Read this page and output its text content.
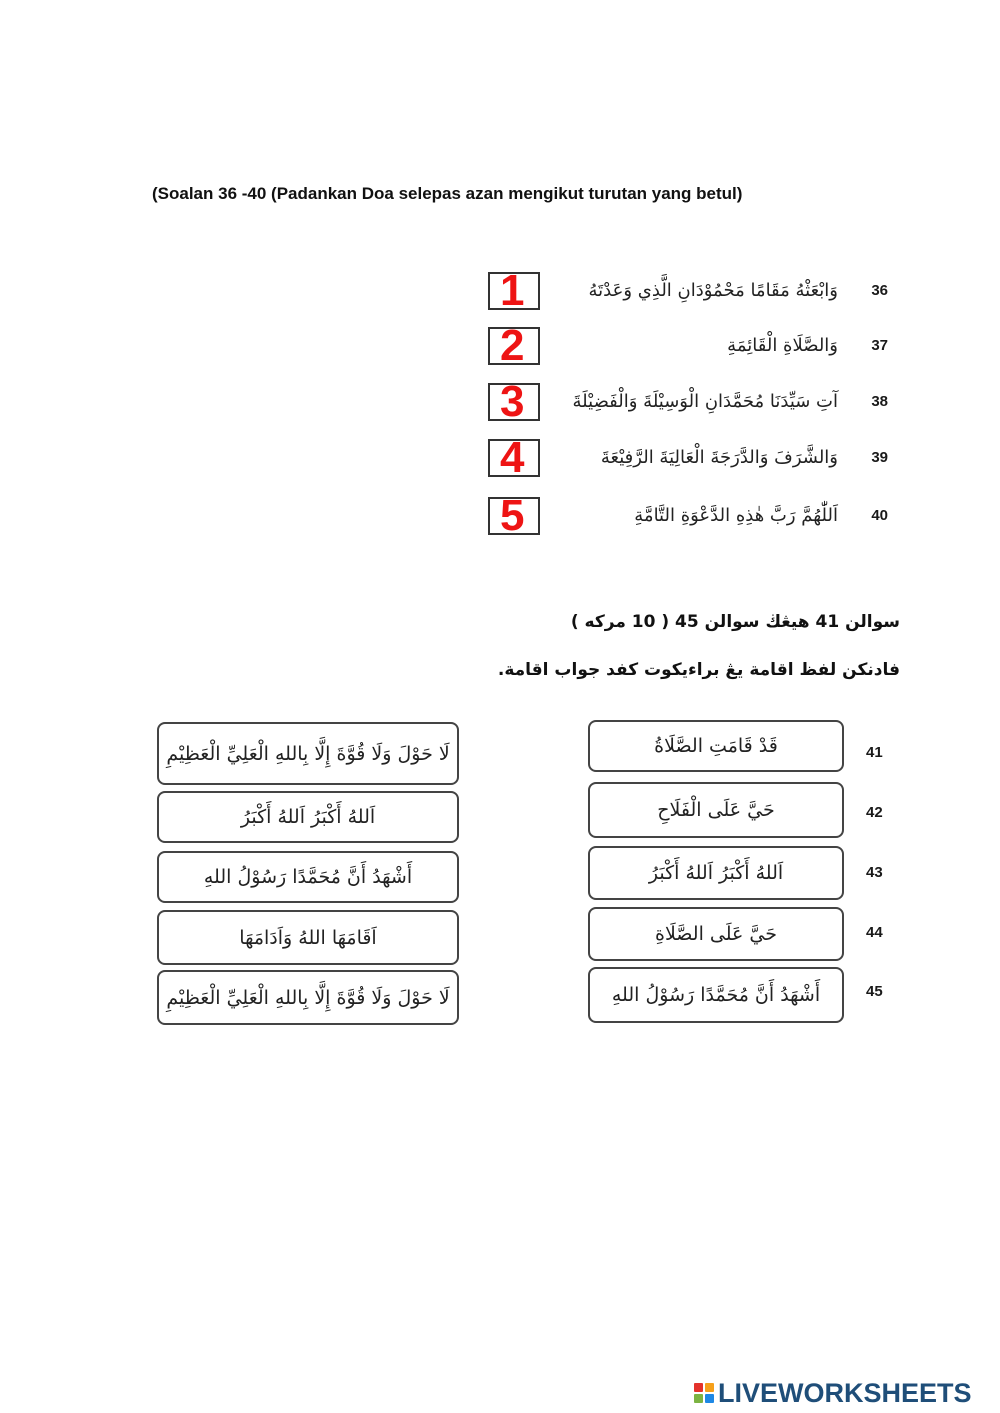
(Soalan 36 -40 (Padankan Doa selepas azan mengikut turutan yang betul)
1	وَابْعَثْهُ مَقَامًا مَحْمُوْدَانِ الَّذِي وَعَدْتَهُ	36
2	وَالصَّلَاةِ الْقَائِمَةِ	37
3	آتِ سَيِّدَنَا مُحَمَّدَانِ الْوَسِيْلَةَ وَالْفَضِيْلَةَ	38
4	وَالشَّرَفَ وَالدَّرَجَةَ الْعَالِيَةَ الرَّفِيْعَةَ	39
5	اَللّٰهُمَّ رَبَّ هٰذِهِ الدَّعْوَةِ التَّامَّةِ	40
سوالن 41 هيڠڬ سوالن 45 ( 10 مركه )
فادنكن لفظ اقامة يڠ براءيكوت كفد جواب اقامة.
لَا حَوْلَ وَلَا قُوَّةَ إِلَّا بِاللهِ الْعَلِيِّ الْعَظِيْمِ
اَللهُ أَكْبَرُ اَللهُ أَكْبَرُ
أَشْهَدُ أَنَّ مُحَمَّدًا رَسُوْلُ اللهِ
اَقَامَهَا اللهُ وَاَدَامَهَا
لَا حَوْلَ وَلَا قُوَّةَ إِلَّا بِاللهِ الْعَلِيِّ الْعَظِيْمِ
قَدْ قَامَتِ الصَّلَاةُ	41
حَيَّ عَلَى الْفَلَاحِ	42
اَللهُ أَكْبَرُ اَللهُ أَكْبَرُ	43
حَيَّ عَلَى الصَّلَاةِ	44
أَشْهَدُ أَنَّ مُحَمَّدًا رَسُوْلُ اللهِ	45
LIVEWORKSHEETS
